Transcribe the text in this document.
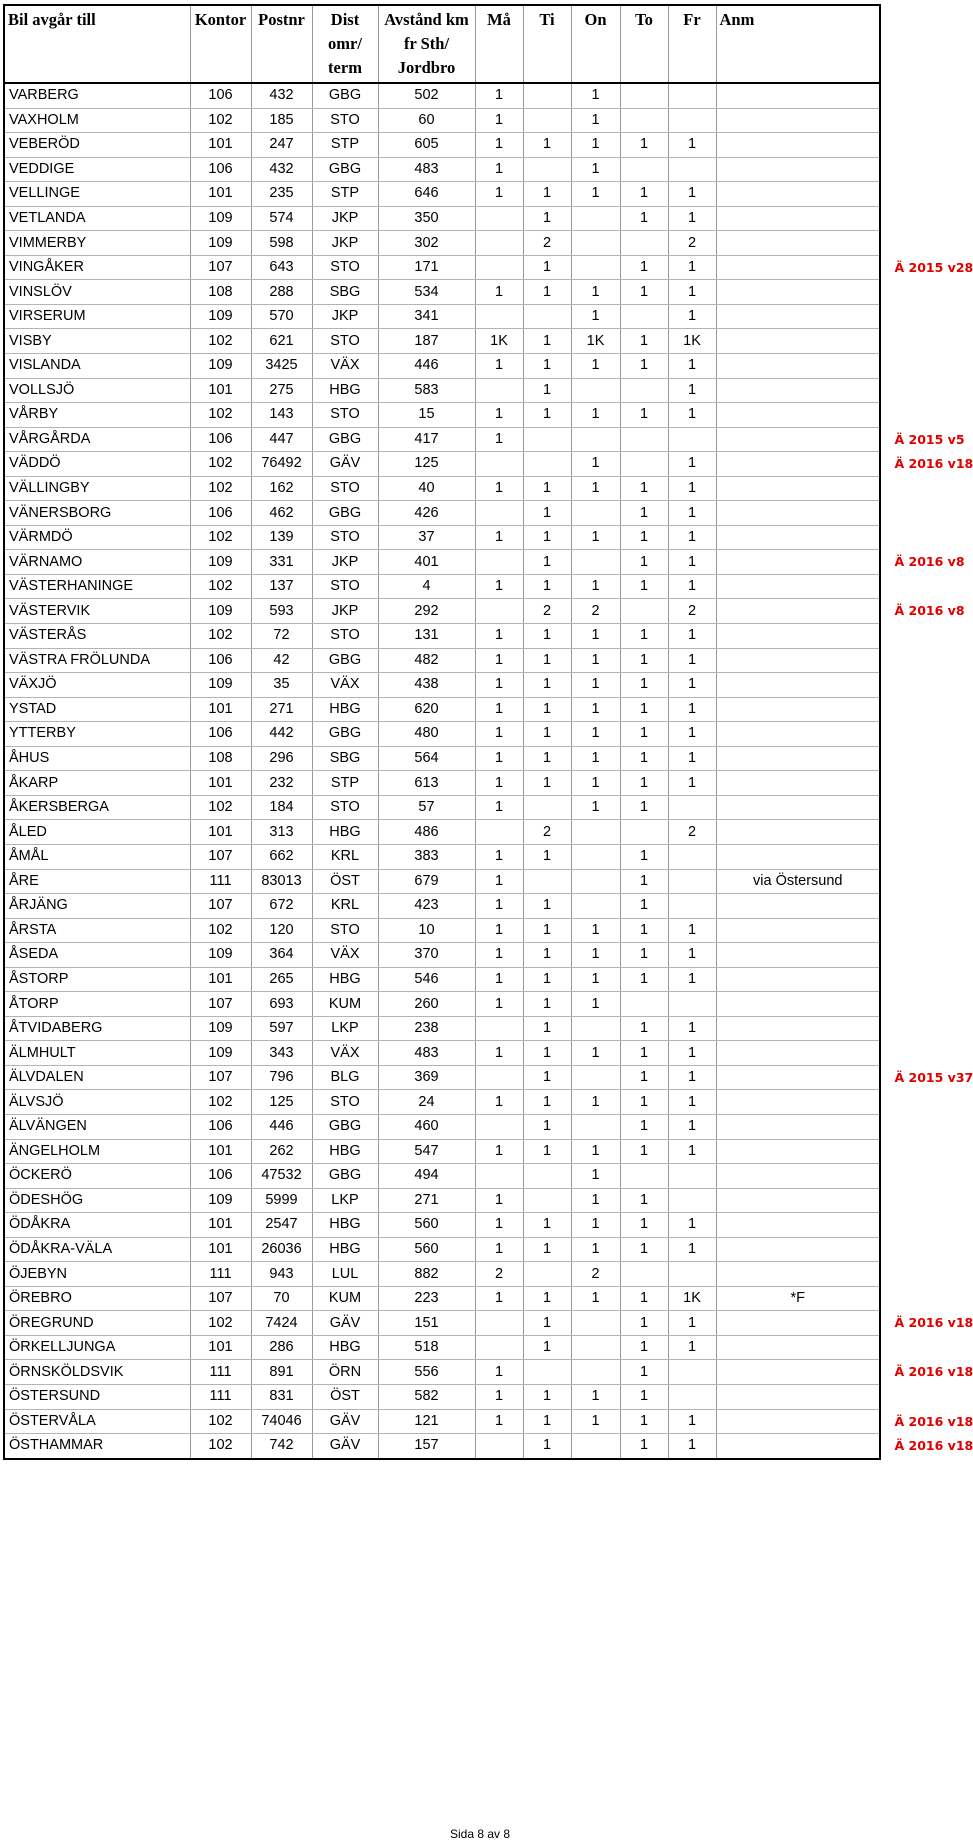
Bil avgår till	Kontor	Postnr	Dist omr/ term	Avstånd km fr Sth/ Jordbro	Må	Ti	On	To	Fr	Anm
VARBERG	106	432	GBG	502	1		1			

VAXHOLM	102	185	STO	60	1		1			

VEBERÖD	101	247	STP	605	1	1	1	1	1	

VEDDIGE	106	432	GBG	483	1		1			

VELLINGE	101	235	STP	646	1	1	1	1	1	

VETLANDA	109	574	JKP	350		1		1	1	

VIMMERBY	109	598	JKP	302		2			2	

VINGÅKER	107	643	STO	171		1		1	1	Ä 2015 v28

VINSLÖV	108	288	SBG	534	1	1	1	1	1	

VIRSERUM	109	570	JKP	341			1		1	

VISBY	102	621	STO	187	1K	1	1K	1	1K	

VISLANDA	109	3425	VÄX	446	1	1	1	1	1	

VOLLSJÖ	101	275	HBG	583		1			1	

VÅRBY	102	143	STO	15	1	1	1	1	1	

VÅRGÅRDA	106	447	GBG	417	1					Ä 2015 v5

VÄDDÖ	102	76492	GÄV	125			1		1	Ä 2016 v18

VÄLLINGBY	102	162	STO	40	1	1	1	1	1	

VÄNERSBORG	106	462	GBG	426		1		1	1	

VÄRMDÖ	102	139	STO	37	1	1	1	1	1	

VÄRNAMO	109	331	JKP	401		1		1	1	Ä 2016 v8

VÄSTERHANINGE	102	137	STO	4	1	1	1	1	1	

VÄSTERVIK	109	593	JKP	292		2	2		2	Ä 2016 v8

VÄSTERÅS	102	72	STO	131	1	1	1	1	1	

VÄSTRA FRÖLUNDA	106	42	GBG	482	1	1	1	1	1	

VÄXJÖ	109	35	VÄX	438	1	1	1	1	1	

YSTAD	101	271	HBG	620	1	1	1	1	1	

YTTERBY	106	442	GBG	480	1	1	1	1	1	

ÅHUS	108	296	SBG	564	1	1	1	1	1	

ÅKARP	101	232	STP	613	1	1	1	1	1	

ÅKERSBERGA	102	184	STO	57	1		1	1		

ÅLED	101	313	HBG	486		2			2	

ÅMÅL	107	662	KRL	383	1	1		1		

ÅRE	111	83013	ÖST	679	1			1		via Östersund

ÅRJÄNG	107	672	KRL	423	1	1		1		

ÅRSTA	102	120	STO	10	1	1	1	1	1	

ÅSEDA	109	364	VÄX	370	1	1	1	1	1	

ÅSTORP	101	265	HBG	546	1	1	1	1	1	

ÅTORP	107	693	KUM	260	1	1	1			

ÅTVIDABERG	109	597	LKP	238		1		1	1	

ÄLMHULT	109	343	VÄX	483	1	1	1	1	1	

ÄLVDALEN	107	796	BLG	369		1		1	1	Ä 2015 v37

ÄLVSJÖ	102	125	STO	24	1	1	1	1	1	

ÄLVÄNGEN	106	446	GBG	460		1		1	1	

ÄNGELHOLM	101	262	HBG	547	1	1	1	1	1	

ÖCKERÖ	106	47532	GBG	494			1			

ÖDESHÖG	109	5999	LKP	271	1		1	1		

ÖDÅKRA	101	2547	HBG	560	1	1	1	1	1	

ÖDÅKRA-VÄLA	101	26036	HBG	560	1	1	1	1	1	

ÖJEBYN	111	943	LUL	882	2		2			

ÖREBRO	107	70	KUM	223	1	1	1	1	1K	*F

ÖREGRUND	102	7424	GÄV	151		1		1	1	Ä 2016 v18

ÖRKELLJUNGA	101	286	HBG	518		1		1	1	

ÖRNSKÖLDSVIK	111	891	ÖRN	556	1			1		Ä 2016 v18

ÖSTERSUND	111	831	ÖST	582	1	1	1	1		

ÖSTERVÅLA	102	74046	GÄV	121	1	1	1	1	1	Ä 2016 v18

ÖSTHAMMAR	102	742	GÄV	157		1		1	1	Ä 2016 v18
Sida 8 av 8
